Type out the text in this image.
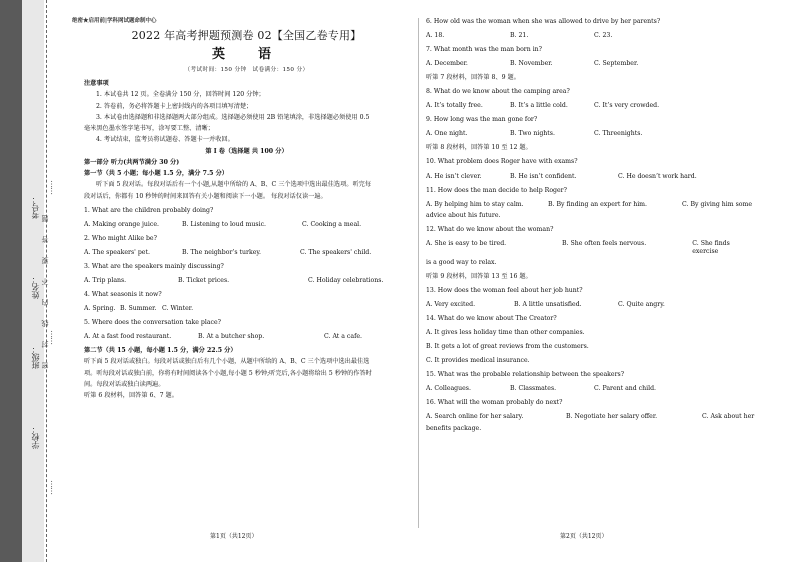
考号：
姓名：
班级：
学校：
密　　封　　线　　内　　不　　要　　答　　题
……
……
……
绝密★启用前|学科网试题命制中心
2022 年高考押题预测卷 02【全国乙卷专用】
英　语
（考试时间：150 分钟　试卷满分：150 分）

注意事项

1. 本试卷共 12 页。全卷满分 150 分，回答时间 120 分钟；

2. 答卷前，务必将答题卡上密封线内的各项目填写清楚；

3. 本试卷由选择题和非选择题两大部分组成。选择题必须使用 2B 铅笔填涂，非选择题必须使用 0.5

毫米黑色墨水签字笔书写，涂写要工整、清晰；

4. 考试结束，监考员将试题卷、答题卡一并收回。

第 I 卷（选择题 共 100 分）

第一部分 听力(共两节满分 30 分)

第一节（共 5 小题；每小题 1.5 分，满分 7.5 分）

听下面 5 段对话。每段对话后有一个小题,从题中所给的 A、B、C 三个选项中选出最佳选项。听完每

段对话后，你都有 10 秒钟的时间来回答有关小题和阅读下一小题。 每段对话仅读一遍。

1. What are the children probably doing?

A. Making orange juice.	B. Listening to loud music.	C. Cooking a meal.

2. Who might Alike be?

A. The speakers' pet.	B. The neighbor’s turkey.	C. The speakers' child.

3. What are the speakers mainly discussing?

A. Trip plans.	B. Ticket prices.	C. Holiday celebrations.

4. What seasonis it now?

A. Spring. B. Summer. C. Winter.

5. Where does the conversation take place?

A. At a fast food restaurant.	B. At a butcher shop.	C. At a cafe.

第二节（共 15 小题，每小题 1.5 分，满分 22.5 分）

听下面 5 段对话或独白。每段对话或独白后有几个小题，从题中所给的 A、B、C 三个选项中选出最佳选

项。听每段对话或独白前，你将有时间阅读各个小题,每小题 5 秒钟;听完后,各小题将给出 5 秒钟的作答时

间。每段对话或独白读两遍。

听第 6 段材料，回答第 6、7 题。

6. How old was the woman when she was allowed to drive by her parents?

A. 18.	B. 21.	C. 23.

7. What month was the man born in?

A. December.	B. November.	C. September.

听第 7 段材料，回答第 8、9 题。

8. What do we know about the camping area?

A. It’s totally free.	B. It’s a little cold.	C. It’s very crowded.

9. How long was the man gone for?

A. One night.	B. Two nights.	C. Threenights.

听第 8 段材料，回答第 10 至 12 题。

10. What problem does Roger have with exams?

A. He isn’t clever.	B. He isn’t confident.	C. He doesn’t work hard.

11. How does the man decide to help Roger?

A. By helping him to stay calm.	B. By finding an expert for him.	C. By giving him some

advice about his future.

12. What do we know about the woman?

A. She is easy to be tired.	B. She often feels nervous.	C. She finds exercise

is a good way to relax.

听第 9 段材料，回答第 13 至 16 题。

13. How does the woman feel about her job hunt?

A. Very excited.	B. A little unsatisfied.	C. Quite angry.

14. What do we know about The Creator?

A. It gives less holiday time than other companies.

B. It gets a lot of great reviews from the customers.

C. It provides medical insurance.

15. What was the probable relationship between the speakers?

A. Colleagues.	B. Classmates.	C. Parent and child.

16. What will the woman probably do next?

A. Search online for her salary.	B. Negotiate her salary offer.	C. Ask about her

benefits package.

第1页（共12页）	第2页（共12页）
